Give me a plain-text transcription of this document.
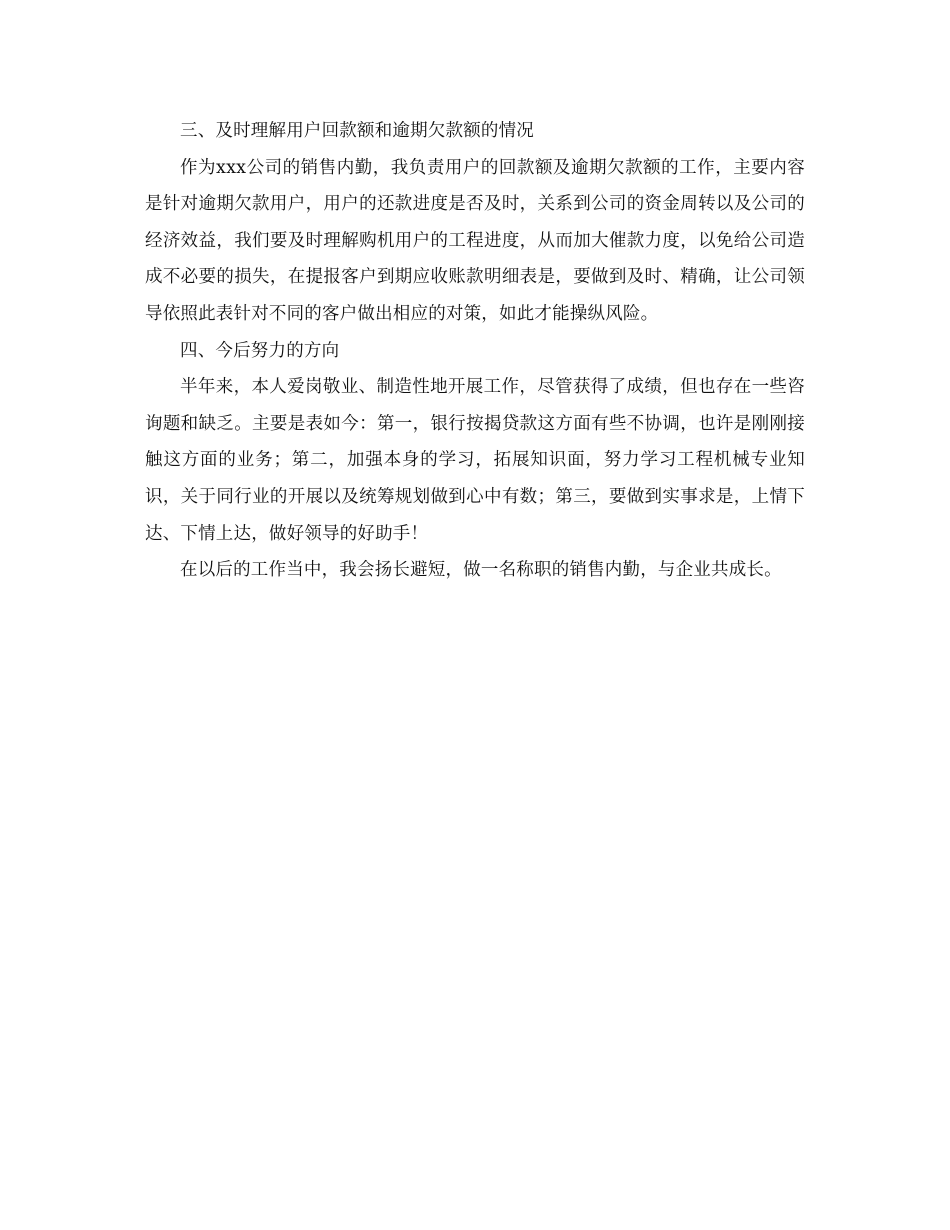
三、及时理解用户回款额和逾期欠款额的情况

作为xxx公司的销售内勤，我负责用户的回款额及逾期欠款额的工作，主要内容是针对逾期欠款用户，用户的还款进度是否及时，关系到公司的资金周转以及公司的经济效益，我们要及时理解购机用户的工程进度，从而加大催款力度，以免给公司造成不必要的损失，在提报客户到期应收账款明细表是，要做到及时、精确，让公司领导依照此表针对不同的客户做出相应的对策，如此才能操纵风险。

四、今后努力的方向

半年来，本人爱岗敬业、制造性地开展工作，尽管获得了成绩，但也存在一些咨询题和缺乏。主要是表如今：第一，银行按揭贷款这方面有些不协调，也许是刚刚接触这方面的业务；第二，加强本身的学习，拓展知识面，努力学习工程机械专业知识，关于同行业的开展以及统筹规划做到心中有数；第三，要做到实事求是，上情下达、下情上达，做好领导的好助手！

在以后的工作当中，我会扬长避短，做一名称职的销售内勤，与企业共成长。
